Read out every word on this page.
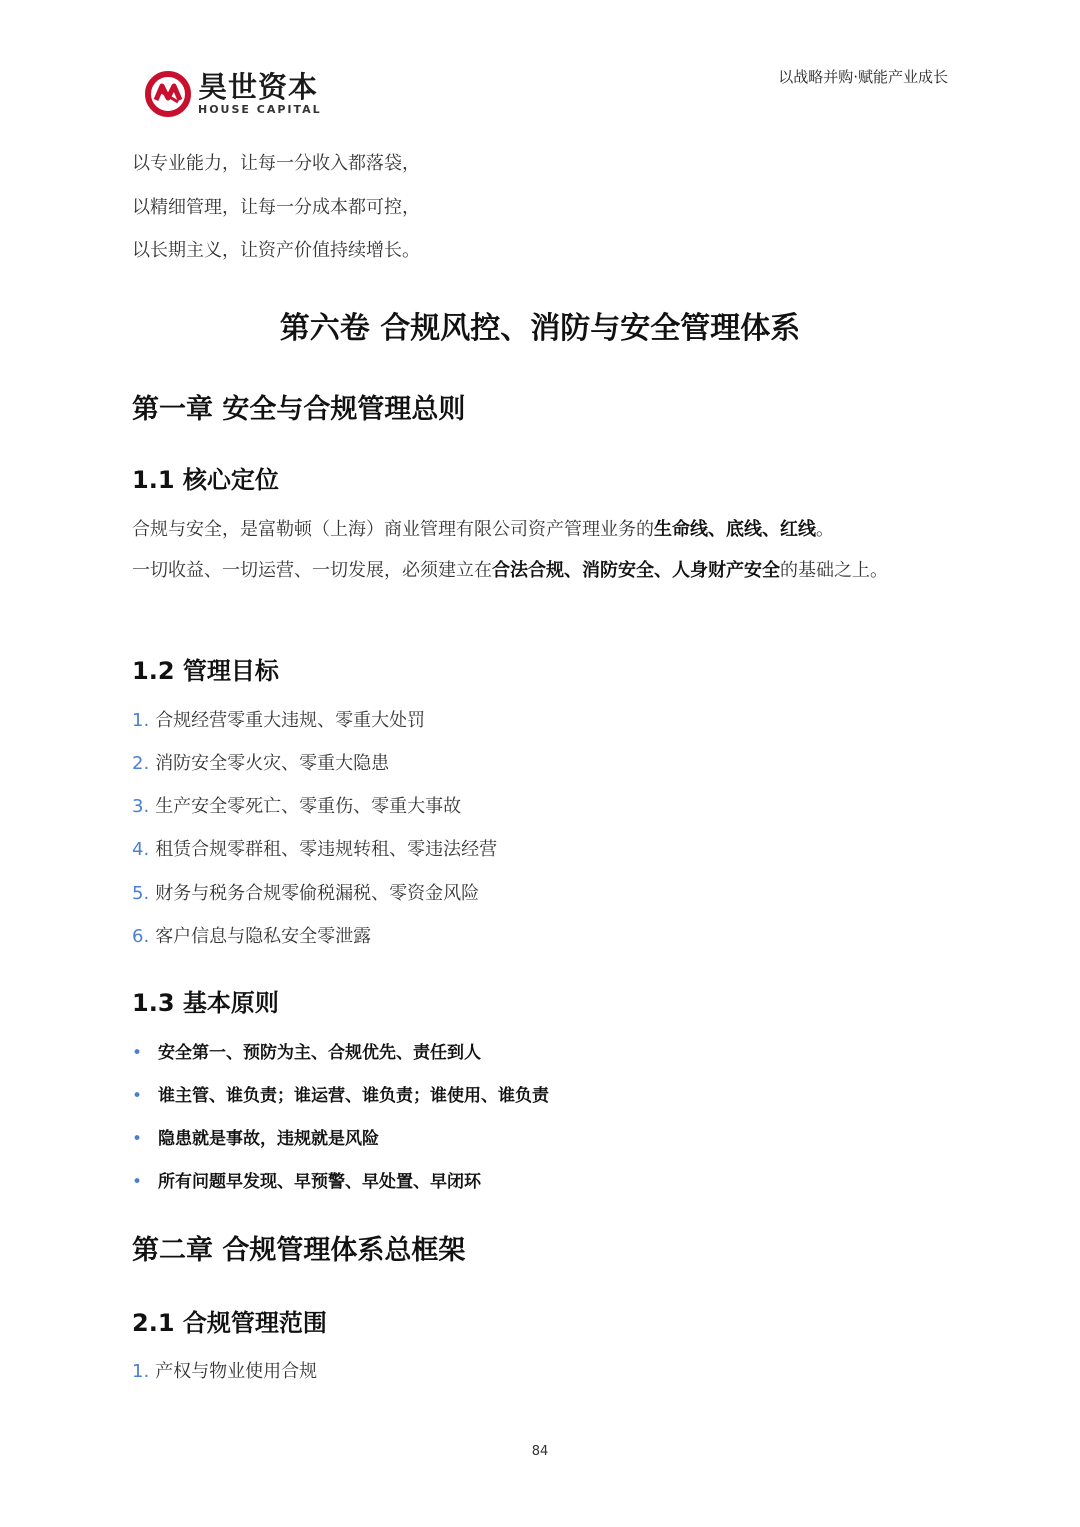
昊世资本
HOUSE CAPITAL
以战略并购·赋能产业成长
以专业能力，让每一分收入都落袋，
以精细管理，让每一分成本都可控，
以长期主义，让资产价值持续增长。
第六卷 合规风控、消防与安全管理体系
第一章 安全与合规管理总则
1.1 核心定位
合规与安全，是富勒顿（上海）商业管理有限公司资产管理业务的生命线、底线、红线。
一切收益、一切运营、一切发展，必须建立在合法合规、消防安全、人身财产安全的基础之上。
1.2 管理目标
1. 合规经营零重大违规、零重大处罚
2. 消防安全零火灾、零重大隐患
3. 生产安全零死亡、零重伤、零重大事故
4. 租赁合规零群租、零违规转租、零违法经营
5. 财务与税务合规零偷税漏税、零资金风险
6. 客户信息与隐私安全零泄露
1.3 基本原则
• 安全第一、预防为主、合规优先、责任到人
• 谁主管、谁负责；谁运营、谁负责；谁使用、谁负责
• 隐患就是事故，违规就是风险
• 所有问题早发现、早预警、早处置、早闭环
第二章 合规管理体系总框架
2.1 合规管理范围
1. 产权与物业使用合规
84
